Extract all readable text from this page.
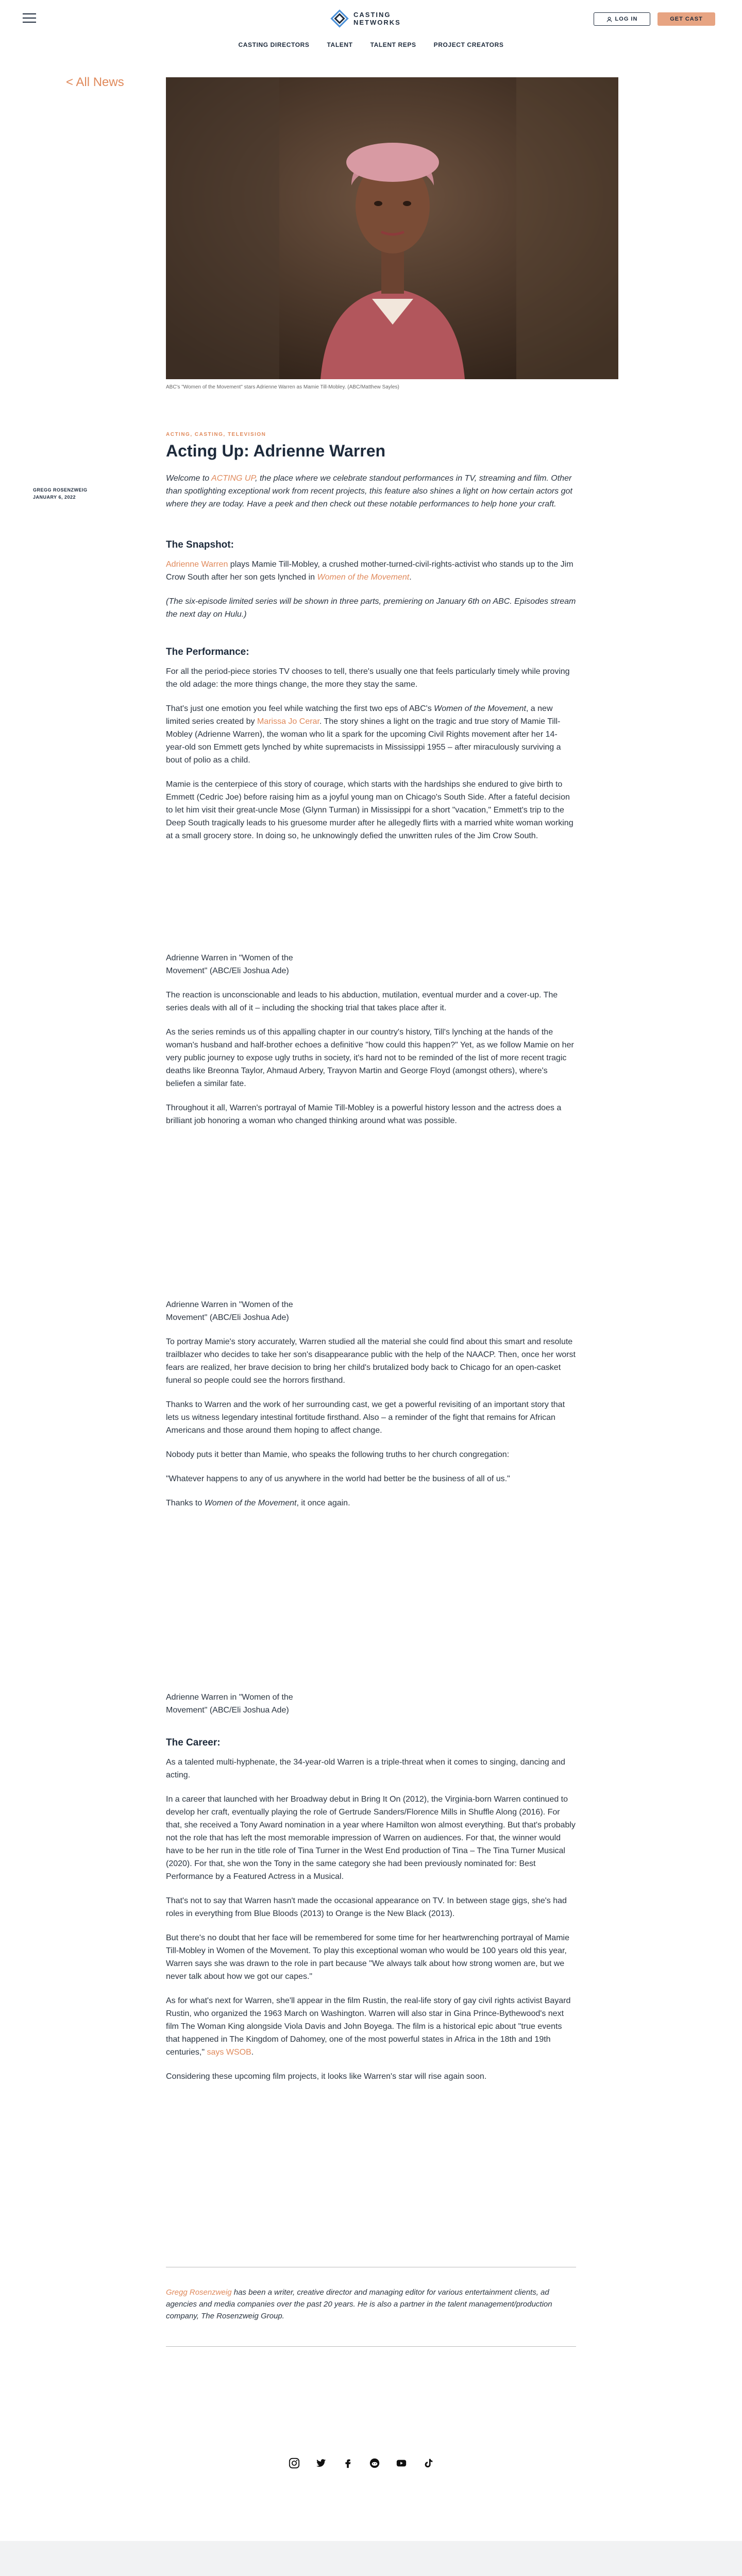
CASTING
NETWORKS
CASTING DIRECTORS	TALENT	TALENT REPS	PROJECT CREATORS
LOG IN	GET CAST
< All News
ABC's "Women of the Movement" stars Adrienne Warren as Mamie Till-Mobley. (ABC/Matthew Sayles)
GREGG ROSENZWEIG
JANUARY 6, 2022
ACTING, CASTING, TELEVISION
Acting Up: Adrienne Warren

Welcome to ACTING UP, the place where we celebrate standout performances in TV, streaming and film. Other than spotlighting exceptional work from recent projects, this feature also shines a light on how certain actors got where they are today. Have a peek and then check out these notable performances to help hone your craft.

The Snapshot:

Adrienne Warren plays Mamie Till-Mobley, a crushed mother-turned-civil-rights-activist who stands up to the Jim Crow South after her son gets lynched in Women of the Movement.

(The six-episode limited series will be shown in three parts, premiering on January 6th on ABC. Episodes stream the next day on Hulu.)

The Performance:

For all the period-piece stories TV chooses to tell, there's usually one that feels particularly timely while proving the old adage: the more things change, the more they stay the same.

That's just one emotion you feel while watching the first two eps of ABC's Women of the Movement, a new limited series created by Marissa Jo Cerar. The story shines a light on the tragic and true story of Mamie Till-Mobley (Adrienne Warren), the woman who lit a spark for the upcoming Civil Rights movement after her 14-year-old son Emmett gets lynched by white supremacists in Mississippi 1955 – after miraculously surviving a bout of polio as a child.

Mamie is the centerpiece of this story of courage, which starts with the hardships she endured to give birth to Emmett (Cedric Joe) before raising him as a joyful young man on Chicago's South Side. After a fateful decision to let him visit their great-uncle Mose (Glynn Turman) in Mississippi for a short "vacation," Emmett's trip to the Deep South tragically leads to his gruesome murder after he allegedly flirts with a married white woman working at a small grocery store. In doing so, he unknowingly defied the unwritten rules of the Jim Crow South.

Adrienne Warren in "Women of the Movement" (ABC/Eli Joshua Ade)

The reaction is unconscionable and leads to his abduction, mutilation, eventual murder and a cover-up. The series deals with all of it – including the shocking trial that takes place after it.

As the series reminds us of this appalling chapter in our country's history, Till's lynching at the hands of the woman's husband and half-brother echoes a definitive "how could this happen?" Yet, as we follow Mamie on her very public journey to expose ugly truths in society, it's hard not to be reminded of the list of more recent tragic deaths like Breonna Taylor, Ahmaud Arbery, Trayvon Martin and George Floyd (amongst others), where's beliefen a similar fate.

Throughout it all, Warren's portrayal of Mamie Till-Mobley is a powerful history lesson and the actress does a brilliant job honoring a woman who changed thinking around what was possible.

Adrienne Warren in "Women of the Movement" (ABC/Eli Joshua Ade)

To portray Mamie's story accurately, Warren studied all the material she could find about this smart and resolute trailblazer who decides to take her son's disappearance public with the help of the NAACP. Then, once her worst fears are realized, her brave decision to bring her child's brutalized body back to Chicago for an open-casket funeral so people could see the horrors firsthand.

Thanks to Warren and the work of her surrounding cast, we get a powerful revisiting of an important story that lets us witness legendary intestinal fortitude firsthand. Also – a reminder of the fight that remains for African Americans and those around them hoping to affect change.

Nobody puts it better than Mamie, who speaks the following truths to her church congregation:

"Whatever happens to any of us anywhere in the world had better be the business of all of us."

Thanks to Women of the Movement, it once again.

Adrienne Warren in "Women of the Movement" (ABC/Eli Joshua Ade)
The Career:

As a talented multi-hyphenate, the 34-year-old Warren is a triple-threat when it comes to singing, dancing and acting.

In a career that launched with her Broadway debut in Bring It On (2012), the Virginia-born Warren continued to develop her craft, eventually playing the role of Gertrude Sanders/Florence Mills in Shuffle Along (2016). For that, she received a Tony Award nomination in a year where Hamilton won almost everything. But that's probably not the role that has left the most memorable impression of Warren on audiences. For that, the winner would have to be her run in the title role of Tina Turner in the West End production of Tina – The Tina Turner Musical (2020). For that, she won the Tony in the same category she had been previously nominated for: Best Performance by a Featured Actress in a Musical.

That's not to say that Warren hasn't made the occasional appearance on TV. In between stage gigs, she's had roles in everything from Blue Bloods (2013) to Orange is the New Black (2013).

But there's no doubt that her face will be remembered for some time for her heartwrenching portrayal of Mamie Till-Mobley in Women of the Movement. To play this exceptional woman who would be 100 years old this year, Warren says she was drawn to the role in part because "We always talk about how strong women are, but we never talk about how we got our capes."

As for what's next for Warren, she'll appear in the film Rustin, the real-life story of gay civil rights activist Bayard Rustin, who organized the 1963 March on Washington. Warren will also star in Gina Prince-Bythewood's next film The Woman King alongside Viola Davis and John Boyega. The film is a historical epic about "true events that happened in The Kingdom of Dahomey, one of the most powerful states in Africa in the 18th and 19th centuries," says WSOB.

Considering these upcoming film projects, it looks like Warren's star will rise again soon.

Gregg Rosenzweig has been a writer, creative director and managing editor for various entertainment clients, ad agencies and media companies over the past 20 years. He is also a partner in the talent management/production company, The Rosenzweig Group.
